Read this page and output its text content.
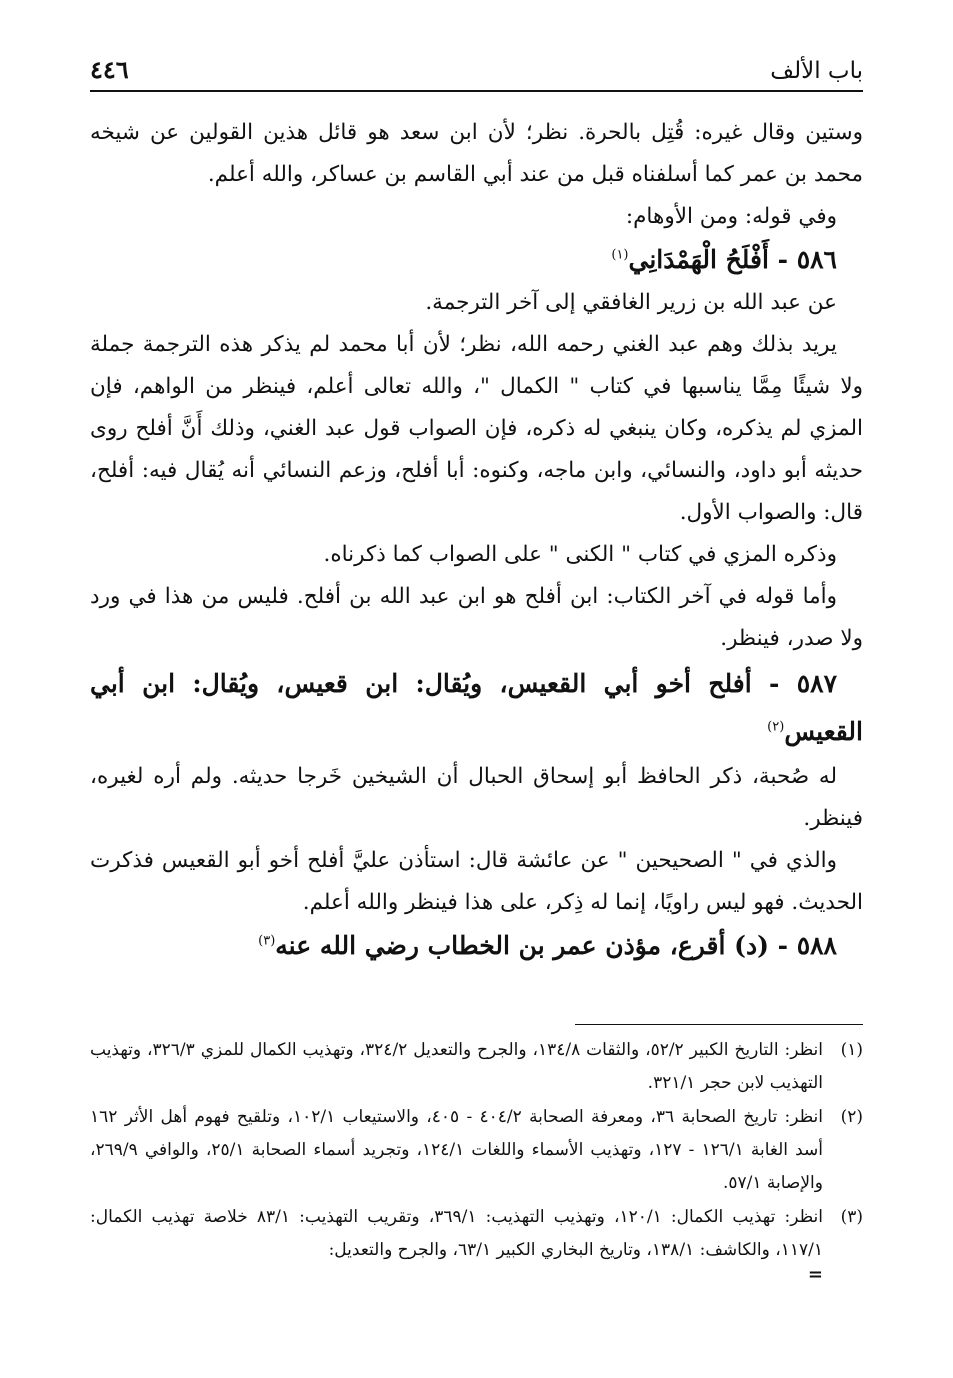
باب الألف
٤٤٦

وستين وقال غيره: قُتِل بالحرة. نظر؛ لأن ابن سعد هو قائل هذين القولين عن شيخه محمد بن عمر كما أسلفناه قبل من عند أبي القاسم بن عساكر، والله أعلم.

وفي قوله: ومن الأوهام:

٥٨٦ - أَفْلَحُ الْهَمْدَانِي$^{(١)}$

عن عبد الله بن زرير الغافقي إلى آخر الترجمة.

يريد بذلك وهم عبد الغني رحمه الله، نظر؛ لأن أبا محمد لم يذكر هذه الترجمة جملة ولا شيئًا مِمَّا يناسبها في كتاب " الكمال "، والله تعالى أعلم، فينظر من الواهم، فإن المزي لم يذكره، وكان ينبغي له ذكره، فإن الصواب قول عبد الغني، وذلك أَنَّ أفلح روى حديثه أبو داود، والنسائي، وابن ماجه، وكنوه: أبا أفلح، وزعم النسائي أنه يُقال فيه: أفلح، قال: والصواب الأول.

وذكره المزي في كتاب " الكنى " على الصواب كما ذكرناه.

وأما قوله في آخر الكتاب: ابن أفلح هو ابن عبد الله بن أفلح. فليس من هذا في ورد ولا صدر، فينظر.

٥٨٧ - أفلح أخو أبي القعيس، ويُقال: ابن قعيس، ويُقال: ابن أبي القعيس$^{(٢)}$

له صُحبة، ذكر الحافظ أبو إسحاق الحبال أن الشيخين خَرجا حديثه. ولم أره لغيره، فينظر.

والذي في " الصحيحين " عن عائشة قال: استأذن عليَّ أفلح أخو أبو القعيس فذكرت الحديث. فهو ليس راويًا، إنما له ذِكر، على هذا فينظر والله أعلم.

٥٨٨ - (د) أقرع، مؤذن عمر بن الخطاب رضي الله عنه$^{(٣)}$

(١)
انظر: التاريخ الكبير ٥٢/٢، والثقات ١٣٤/٨، والجرح والتعديل ٣٢٤/٢، وتهذيب الكمال للمزي ٣٢٦/٣، وتهذيب التهذيب لابن حجر ٣٢١/١.
(٢)
انظر: تاريخ الصحابة ٣٦، ومعرفة الصحابة ٤٠٤/٢ - ٤٠٥، والاستيعاب ١٠٢/١، وتلقيح فهوم أهل الأثر ١٦٢ أسد الغابة ١٢٦/١ - ١٢٧، وتهذيب الأسماء واللغات ١٢٤/١، وتجريد أسماء الصحابة ٢٥/١، والوافي ٢٦٩/٩، والإصابة ٥٧/١.
(٣)
انظر: تهذيب الكمال: ١٢٠/١، وتهذيب التهذيب: ٣٦٩/١، وتقريب التهذيب: ٨٣/١ خلاصة تهذيب الكمال: ١١٧/١، والكاشف: ١٣٨/١، وتاريخ البخاري الكبير ٦٣/١، والجرح والتعديل:
=
